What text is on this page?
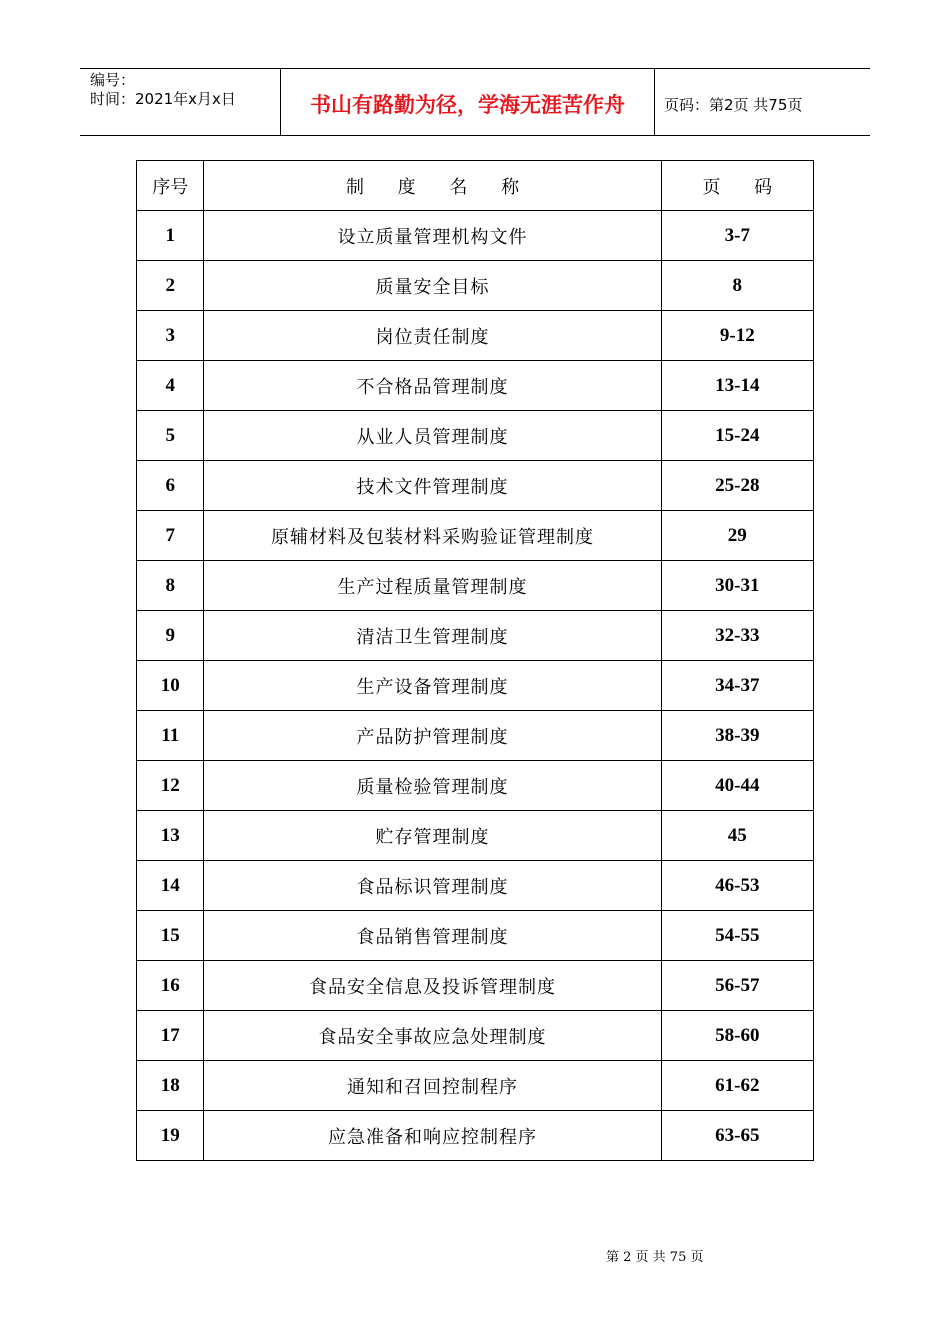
编号：
时间：2021年x月x日	书山有路勤为径，学海无涯苦作舟	页码：第2页 共75页
序号	制 度 名 称	页 码
1	设立质量管理机构文件	3-7
2	质量安全目标	8
3	岗位责任制度	9-12
4	不合格品管理制度	13-14
5	从业人员管理制度	15-24
6	技术文件管理制度	25-28
7	原辅材料及包装材料采购验证管理制度	29
8	生产过程质量管理制度	30-31
9	清洁卫生管理制度	32-33
10	生产设备管理制度	34-37
11	产品防护管理制度	38-39
12	质量检验管理制度	40-44
13	贮存管理制度	45
14	食品标识管理制度	46-53
15	食品销售管理制度	54-55
16	食品安全信息及投诉管理制度	56-57
17	食品安全事故应急处理制度	58-60
18	通知和召回控制程序	61-62
19	应急准备和响应控制程序	63-65
第 2 页 共 75 页
